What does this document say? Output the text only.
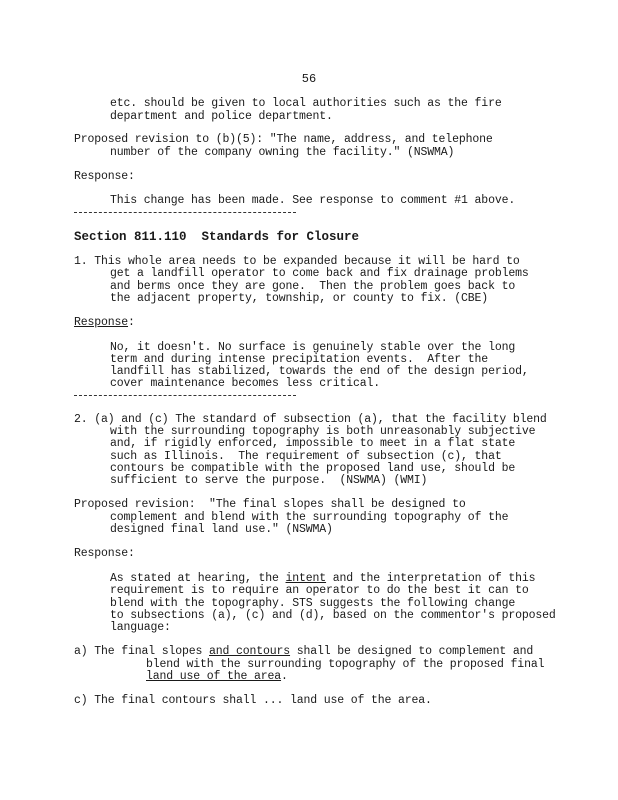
56
etc. should be given to local authorities such as the fire
department and police department.
Proposed revision to (b)(5): "The name, address, and telephone
number of the company owning the facility." (NSWMA)
Response:
This change has been made. See response to comment #1 above.
Section 811.110  Standards for Closure
1. This whole area needs to be expanded because it will be hard to
get a landfill operator to come back and fix drainage problems
and berms once they are gone.  Then the problem goes back to
the adjacent property, township, or county to fix. (CBE)
Response:
No, it doesn't. No surface is genuinely stable over the long
term and during intense precipitation events.  After the
landfill has stabilized, towards the end of the design period,
cover maintenance becomes less critical.
2. (a) and (c) The standard of subsection (a), that the facility blend
with the surrounding topography is both unreasonably subjective
and, if rigidly enforced, impossible to meet in a flat state
such as Illinois.  The requirement of subsection (c), that
contours be compatible with the proposed land use, should be
sufficient to serve the purpose.  (NSWMA) (WMI)
Proposed revision:  "The final slopes shall be designed to
complement and blend with the surrounding topography of the
designed final land use." (NSWMA)
Response:
As stated at hearing, the intent and the interpretation of this
requirement is to require an operator to do the best it can to
blend with the topography. STS suggests the following change
to subsections (a), (c) and (d), based on the commentor's proposed
language:
a) The final slopes and contours shall be designed to complement and
blend with the surrounding topography of the proposed final
land use of the area.
c) The final contours shall ... land use of the area.
